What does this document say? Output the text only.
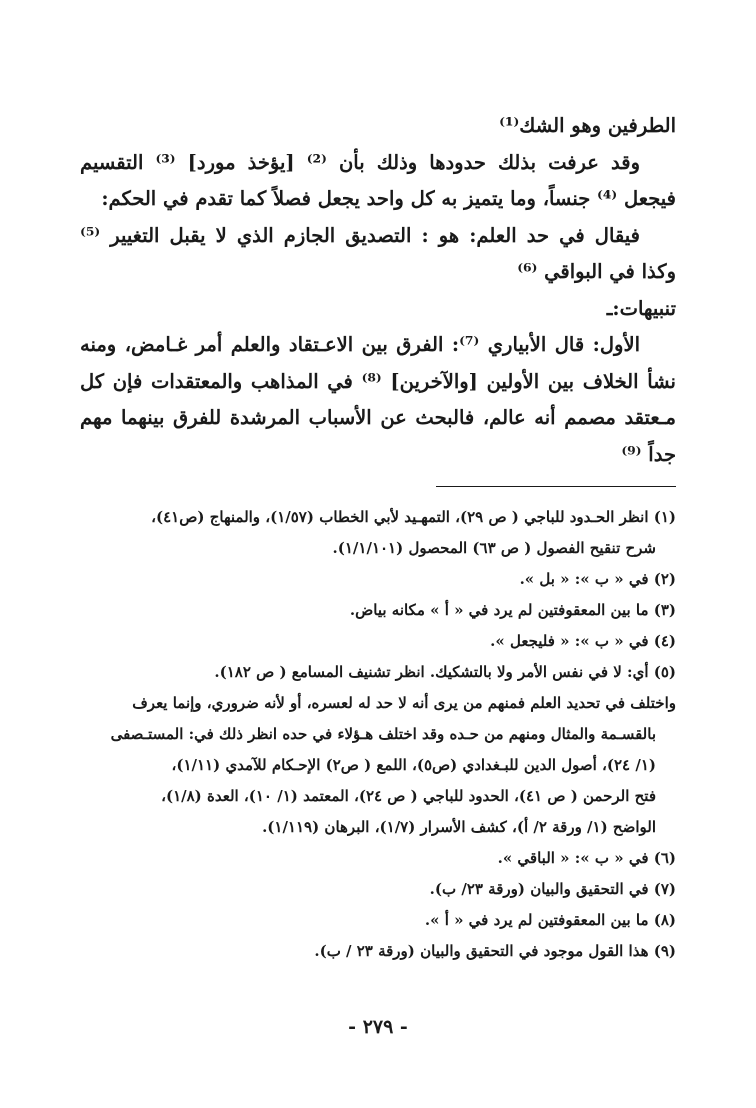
الطرفين وهو الشك⁽¹⁾

وقد عرفت بذلك حدودها وذلك بأن ⁽²⁾ [يؤخذ مورد] ⁽³⁾ التقسيم فيجعل ⁽⁴⁾ جنساً، وما يتميز به كل واحد يجعل فصلاً كما تقدم في الحكم:

فيقال في حد العلم: هو : التصديق الجازم الذي لا يقبل التغيير ⁽⁵⁾ وكذا في البواقي ⁽⁶⁾

تنبيهات:ـ

الأول: قال الأبياري ⁽⁷⁾: الفرق بين الاعـتقاد والعلم أمر غـامض، ومنه نشأ الخلاف بين الأولين [والآخرين] ⁽⁸⁾ في المذاهب والمعتقدات فإن كل مـعتقد مصمم أنه عالم، فالبحث عن الأسباب المرشدة للفرق بينهما مهم جداً ⁽⁹⁾

(١) انظر الحـدود للباجي ( ص ٢٩)، التمهـيد لأبي الخطاب (١/٥٧)، والمنهاج (ص٤١)،

شرح تنقيح الفصول ( ص ٦٣) المحصول (١/١/١٠١).

(٢) في « ب »: « بل ».

(٣) ما بين المعقوفتين لم يرد في « أ » مكانه بياض.

(٤) في « ب »: « فليجعل ».

(٥) أي: لا في نفس الأمر ولا بالتشكيك. انظر تشنيف المسامع ( ص ١٨٢).

واختلف في تحديد العلم فمنهم من يرى أنه لا حد له لعسره، أو لأنه ضروري، وإنما يعرف

بالقسـمة والمثال ومنهم من حـده وقد اختلف هـؤلاء في حده انظر ذلك في: المستـصفى

(١/ ٢٤)، أصول الدين للبـغدادي (ص٥)، اللمع ( ص٢) الإحـكام للآمدي (١/١١)،

فتح الرحمن ( ص ٤١)، الحدود للباجي ( ص ٢٤)، المعتمد (١/ ١٠)، العدة (١/٨)،

الواضح (١/ ورقة ٢/ أ)، كشف الأسرار (١/٧)، البرهان (١/١١٩).

(٦) في « ب »: « الباقي ».

(٧) في التحقيق والبيان (ورقة ٢٣/ ب).

(٨) ما بين المعقوفتين لم يرد في « أ ».

(٩) هذا القول موجود في التحقيق والبيان (ورقة ٢٣ / ب).

- ٢٧٩ -
